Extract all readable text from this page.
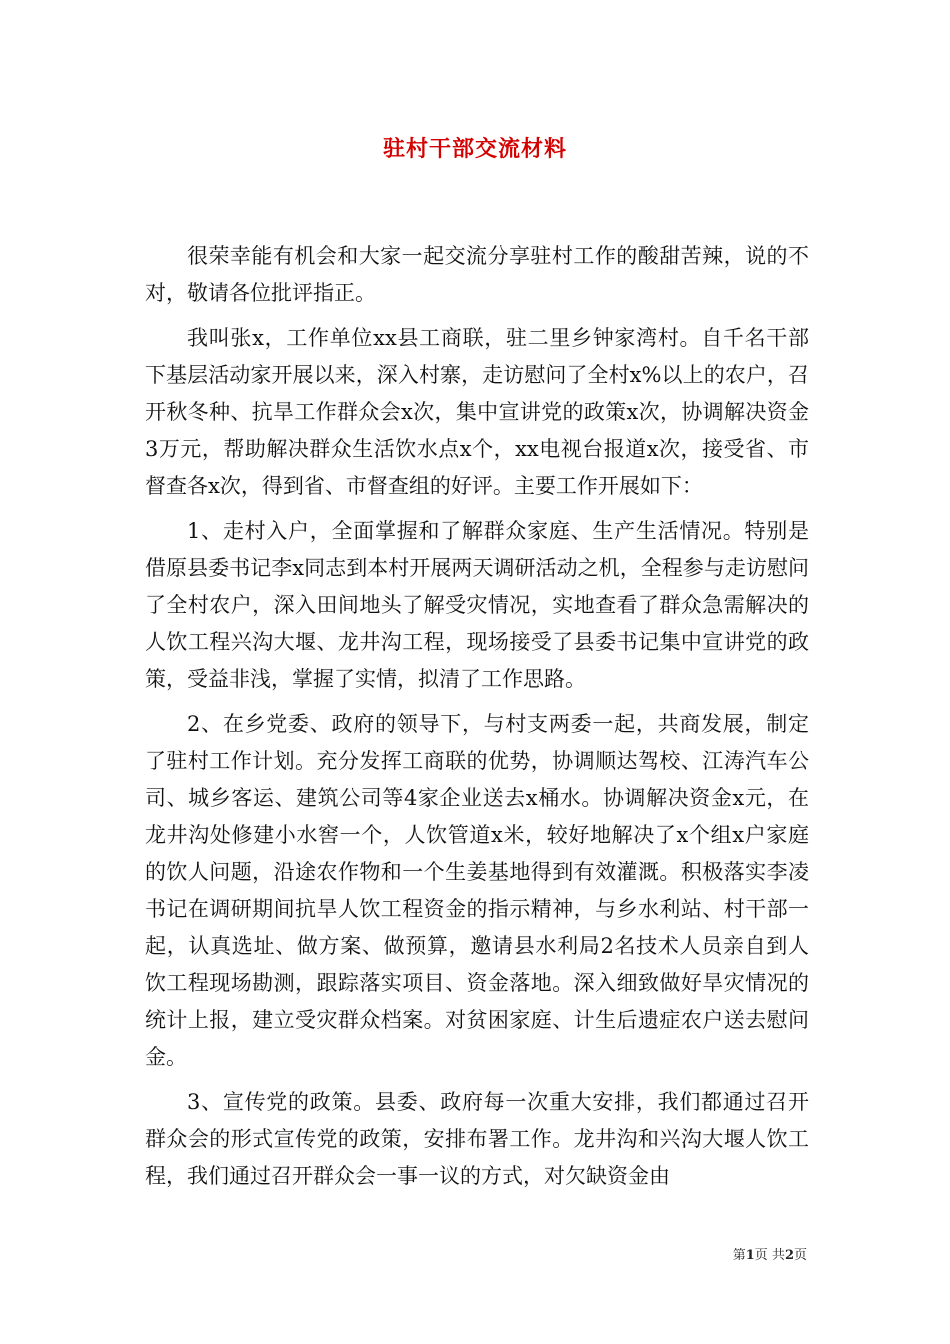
驻村干部交流材料

很荣幸能有机会和大家一起交流分享驻村工作的酸甜苦辣，说的不对，敬请各位批评指正。

我叫张x，工作单位xx县工商联，驻二里乡钟家湾村。自千名干部下基层活动家开展以来，深入村寨，走访慰问了全村x%以上的农户，召开秋冬种、抗旱工作群众会x次，集中宣讲党的政策x次，协调解决资金3万元，帮助解决群众生活饮水点x个，xx电视台报道x次，接受省、市督查各x次，得到省、市督查组的好评。主要工作开展如下：

1、走村入户，全面掌握和了解群众家庭、生产生活情况。特别是借原县委书记李x同志到本村开展两天调研活动之机，全程参与走访慰问了全村农户，深入田间地头了解受灾情况，实地查看了群众急需解决的人饮工程兴沟大堰、龙井沟工程，现场接受了县委书记集中宣讲党的政策，受益非浅，掌握了实情，拟清了工作思路。

2、在乡党委、政府的领导下，与村支两委一起，共商发展，制定了驻村工作计划。充分发挥工商联的优势，协调顺达驾校、江涛汽车公司、城乡客运、建筑公司等4家企业送去x桶水。协调解决资金x元，在龙井沟处修建小水窖一个，人饮管道x米，较好地解决了x个组x户家庭的饮人问题，沿途农作物和一个生姜基地得到有效灌溉。积极落实李凌书记在调研期间抗旱人饮工程资金的指示精神，与乡水利站、村干部一起，认真选址、做方案、做预算，邀请县水利局2名技术人员亲自到人饮工程现场勘测，跟踪落实项目、资金落地。深入细致做好旱灾情况的统计上报，建立受灾群众档案。对贫困家庭、计生后遗症农户送去慰问金。

3、宣传党的政策。县委、政府每一次重大安排，我们都通过召开群众会的形式宣传党的政策，安排布署工作。龙井沟和兴沟大堰人饮工程，我们通过召开群众会一事一议的方式，对欠缺资金由

第1页 共2页
